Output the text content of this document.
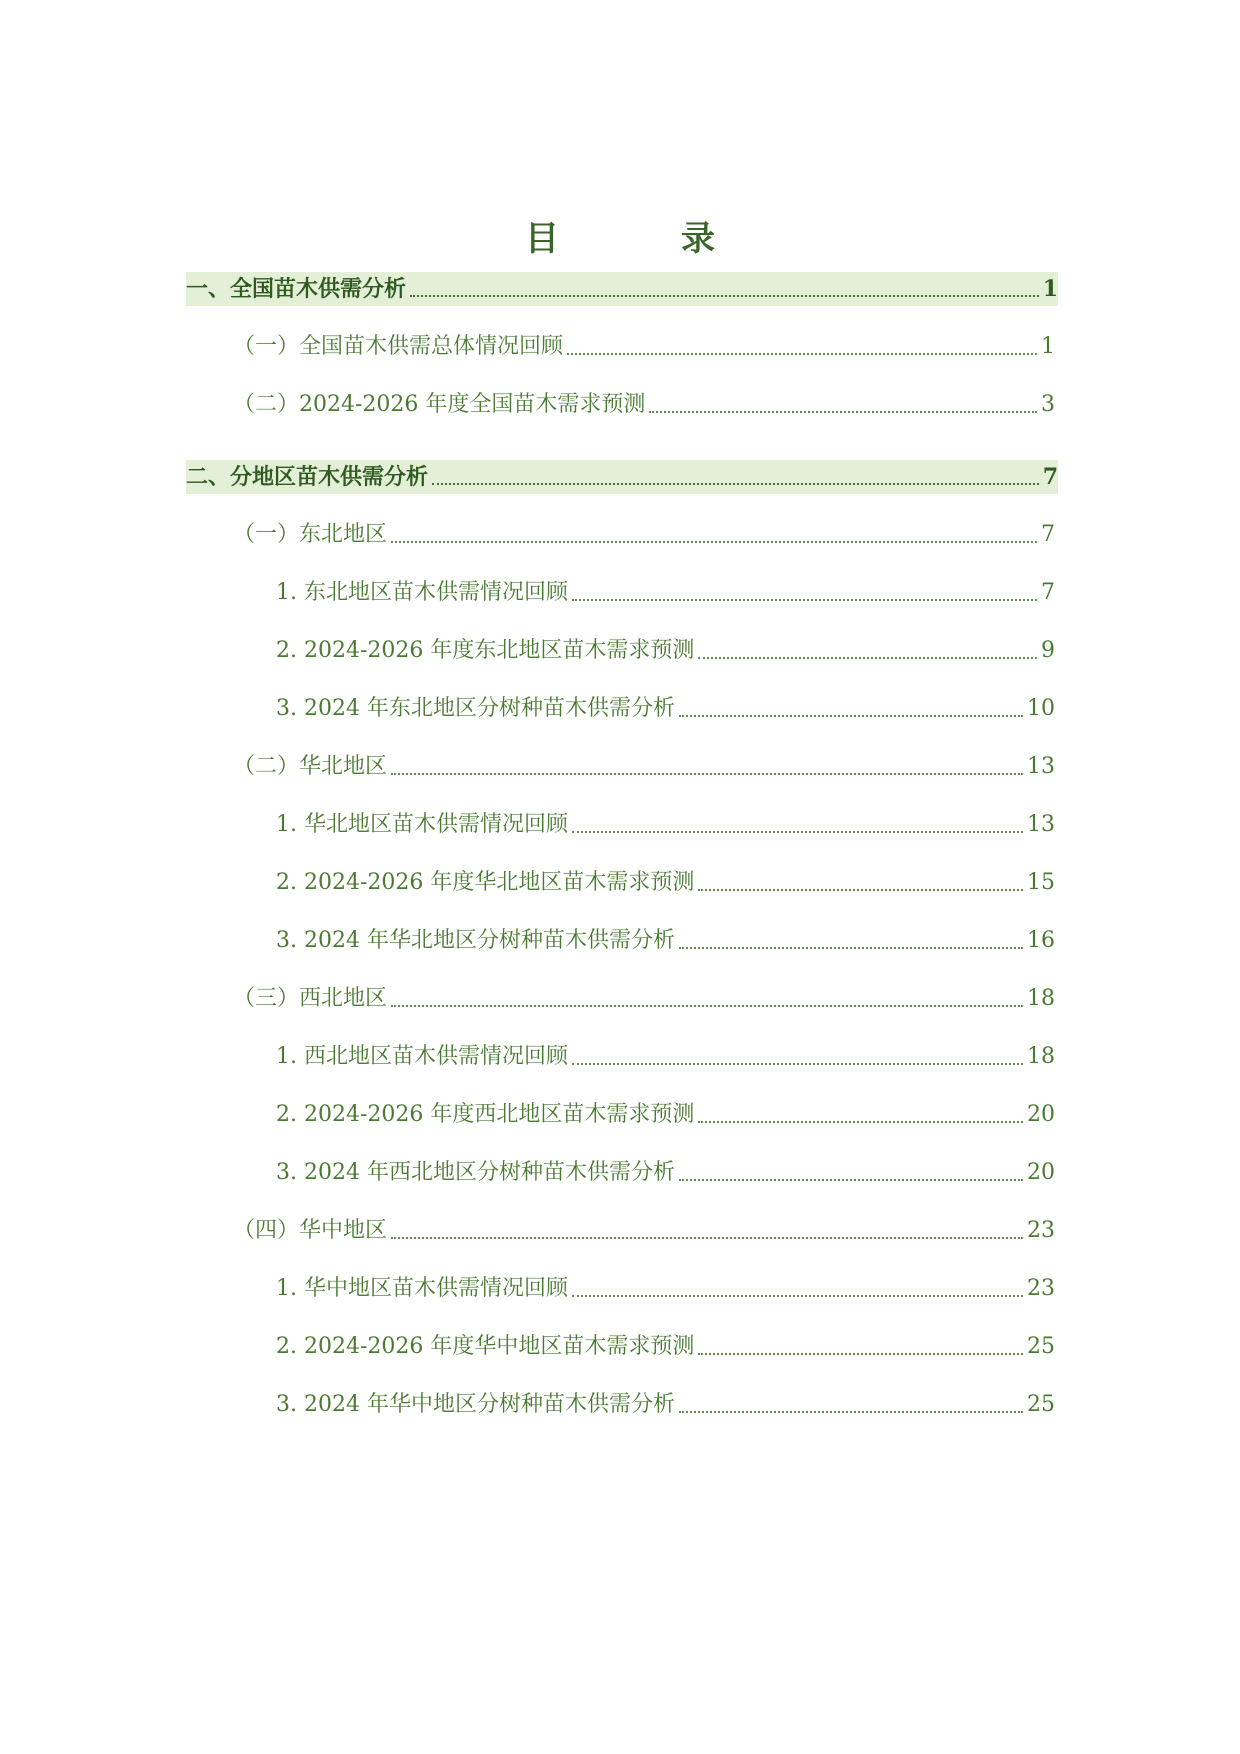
目　录
一、全国苗木供需分析	1
（一）全国苗木供需总体情况回顾	1
（二）2024-2026 年度全国苗木需求预测	3
二、分地区苗木供需分析	7
（一）东北地区	7
1. 东北地区苗木供需情况回顾	7
2. 2024-2026 年度东北地区苗木需求预测	9
3. 2024 年东北地区分树种苗木供需分析	10
（二）华北地区	13
1. 华北地区苗木供需情况回顾	13
2. 2024-2026 年度华北地区苗木需求预测	15
3. 2024 年华北地区分树种苗木供需分析	16
（三）西北地区	18
1. 西北地区苗木供需情况回顾	18
2. 2024-2026 年度西北地区苗木需求预测	20
3. 2024 年西北地区分树种苗木供需分析	20
（四）华中地区	23
1. 华中地区苗木供需情况回顾	23
2. 2024-2026 年度华中地区苗木需求预测	25
3. 2024 年华中地区分树种苗木供需分析	25
